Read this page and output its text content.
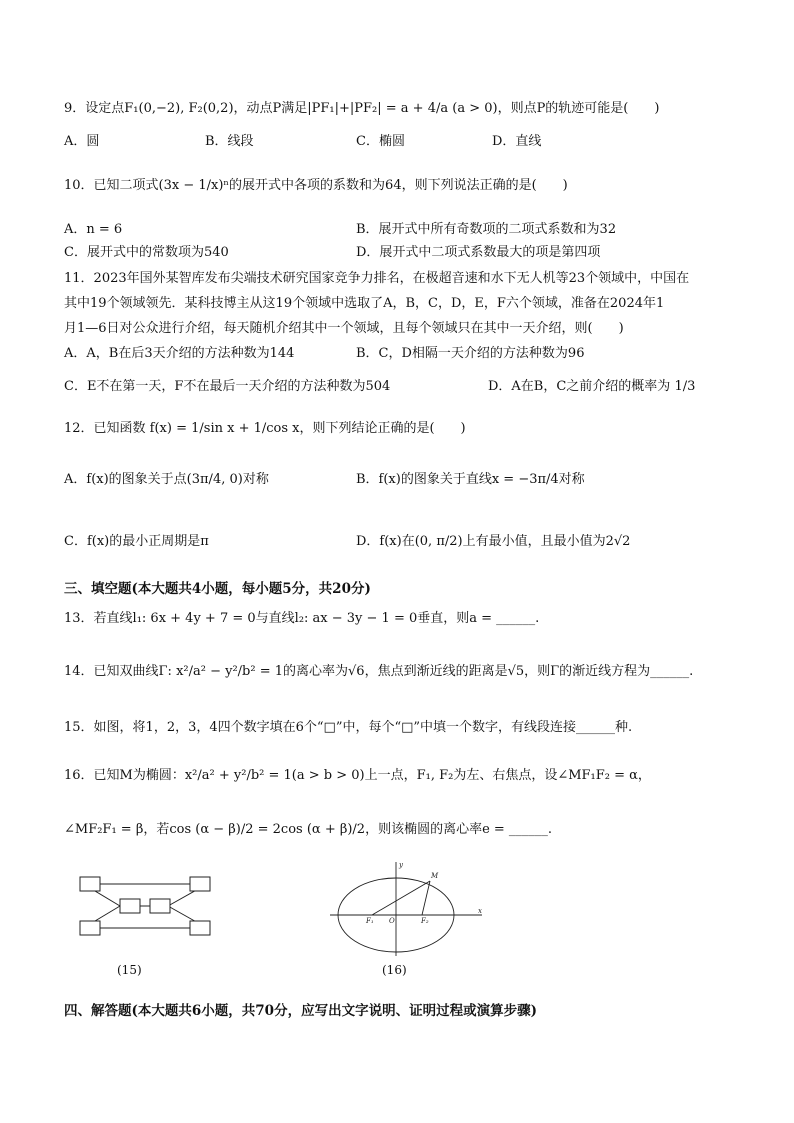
9．设定点F₁(0,−2), F₂(0,2)，动点P满足|PF₁|+|PF₂| = a + 4/a (a > 0)，则点P的轨迹可能是(　　)
A．圆	B．线段	C．椭圆	D．直线
10．已知二项式(3x − 1/x)ⁿ的展开式中各项的系数和为64，则下列说法正确的是(　　)
A．n = 6	B．展开式中所有奇数项的二项式系数和为32
C．展开式中的常数项为540	D．展开式中二项式系数最大的项是第四项
11．2023年国外某智库发布尖端技术研究国家竞争力排名，在极超音速和水下无人机等23个领域中，中国在
其中19个领域领先．某科技博主从这19个领域中选取了A，B，C，D，E，F六个领域，准备在2024年1
月1—6日对公众进行介绍，每天随机介绍其中一个领域，且每个领域只在其中一天介绍，则(　　)
A．A，B在后3天介绍的方法种数为144	B．C，D相隔一天介绍的方法种数为96
C．E不在第一天，F不在最后一天介绍的方法种数为504	D．A在B，C之前介绍的概率为 1/3
12．已知函数 f(x) = 1/sin x + 1/cos x，则下列结论正确的是(　　)
A．f(x)的图象关于点(3π/4, 0)对称	B．f(x)的图象关于直线x = −3π/4对称
C．f(x)的最小正周期是π	D．f(x)在(0, π/2)上有最小值，且最小值为2√2
三、填空题(本大题共4小题，每小题5分，共20分)
13．若直线l₁: 6x + 4y + 7 = 0与直线l₂: ax − 3y − 1 = 0垂直，则a = ______.
14．已知双曲线Γ: x²/a² − y²/b² = 1的离心率为√6，焦点到渐近线的距离是√5，则Γ的渐近线方程为______.
15．如图，将1，2，3，4四个数字填在6个“□”中，每个“□”中填一个数字，有线段连接______种.
16．已知M为椭圆：x²/a² + y²/b² = 1(a > b > 0)上一点，F₁, F₂为左、右焦点，设∠MF₁F₂ = α，
∠MF₂F₁ = β，若cos (α − β)/2 = 2cos (α + β)/2，则该椭圆的离心率e = ______.
(15)
y
x
M
F₁ O	F₂
(16)
四、解答题(本大题共6小题，共70分，应写出文字说明、证明过程或演算步骤)
